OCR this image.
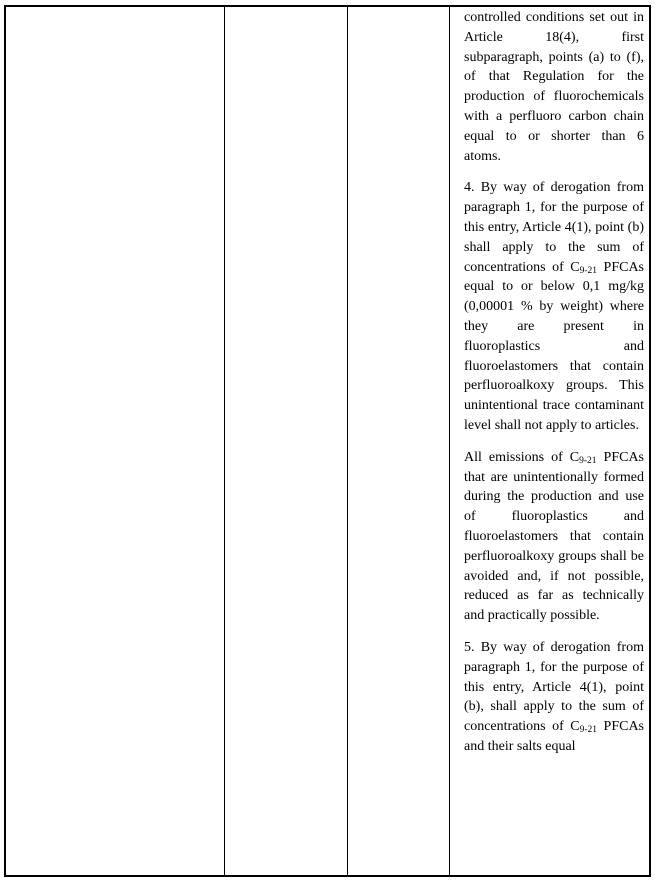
controlled conditions set out in Article 18(4), first subparagraph, points (a) to (f), of that Regulation for the production of fluorochemicals with a perfluoro carbon chain equal to or shorter than 6 atoms.

4. By way of derogation from paragraph 1, for the purpose of this entry, Article 4(1), point (b) shall apply to the sum of concentrations of $C_{9-21}$ PFCAs equal to or below 0,1 mg/kg (0,00001 % by weight) where they are present in fluoroplastics and fluoroelastomers that contain perfluoroalkoxy groups. This unintentional trace contaminant level shall not apply to articles.

All emissions of $C_{9-21}$ PFCAs that are unintentionally formed during the production and use of fluoroplastics and fluoroelastomers that contain perfluoroalkoxy groups shall be avoided and, if not possible, reduced as far as technically and practically possible.

5. By way of derogation from paragraph 1, for the purpose of this entry, Article 4(1), point (b), shall apply to the sum of concentrations of $C_{9-21}$ PFCAs and their salts equal
